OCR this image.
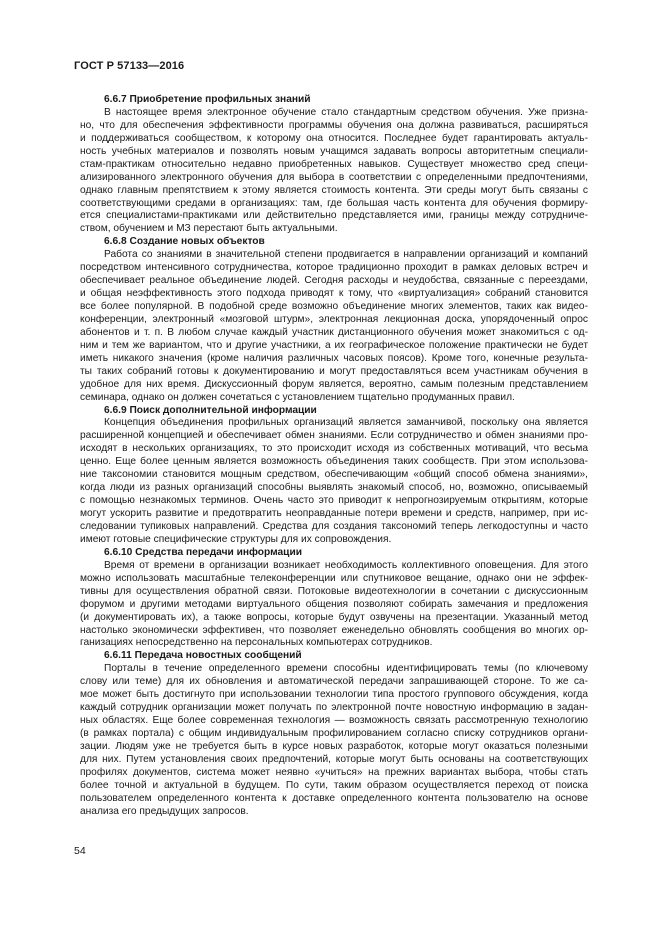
ГОСТ Р 57133—2016
6.6.7 Приобретение профильных знаний
В настоящее время электронное обучение стало стандартным средством обучения. Уже призна-
но, что для обеспечения эффективности программы обучения она должна развиваться, расширяться
и поддерживаться сообществом, к которому она относится. Последнее будет гарантировать актуаль-
ность учебных материалов и позволять новым учащимся задавать вопросы авторитетным специали-
стам-практикам относительно недавно приобретенных навыков. Существует множество сред специ-
ализированного электронного обучения для выбора в соответствии с определенными предпочтениями,
однако главным препятствием к этому является стоимость контента. Эти среды могут быть связаны с
соответствующими средами в организациях: там, где большая часть контента для обучения формиру-
ется специалистами-практиками или действительно представляется ими, границы между сотрудниче-
ством, обучением и МЗ перестают быть актуальными.
6.6.8 Создание новых объектов
Работа со знаниями в значительной степени продвигается в направлении организаций и компаний
посредством интенсивного сотрудничества, которое традиционно проходит в рамках деловых встреч и
обеспечивает реальное объединение людей. Сегодня расходы и неудобства, связанные с переездами,
и общая неэффективность этого подхода приводят к тому, что «виртуализация» собраний становится
все более популярной. В подобной среде возможно объединение многих элементов, таких как видео-
конференции, электронный «мозговой штурм», электронная лекционная доска, упорядоченный опрос
абонентов и т. п. В любом случае каждый участник дистанционного обучения может знакомиться с од-
ним и тем же вариантом, что и другие участники, а их географическое положение практически не будет
иметь никакого значения (кроме наличия различных часовых поясов). Кроме того, конечные результа-
ты таких собраний готовы к документированию и могут предоставляться всем участникам обучения в
удобное для них время. Дискуссионный форум является, вероятно, самым полезным представлением
семинара, однако он должен сочетаться с установлением тщательно продуманных правил.
6.6.9 Поиск дополнительной информации
Концепция объединения профильных организаций является заманчивой, поскольку она является
расширенной концепцией и обеспечивает обмен знаниями. Если сотрудничество и обмен знаниями про-
исходят в нескольких организациях, то это происходит исходя из собственных мотиваций, что весьма
ценно. Еще более ценным является возможность объединения таких сообществ. При этом использова-
ние таксономии становится мощным средством, обеспечивающим «общий способ обмена знаниями»,
когда люди из разных организаций способны выявлять знакомый способ, но, возможно, описываемый
с помощью незнакомых терминов. Очень часто это приводит к непрогнозируемым открытиям, которые
могут ускорить развитие и предотвратить неоправданные потери времени и средств, например, при ис-
следовании тупиковых направлений. Средства для создания таксономий теперь легкодоступны и часто
имеют готовые специфические структуры для их сопровождения.
6.6.10 Средства передачи информации
Время от времени в организации возникает необходимость коллективного оповещения. Для этого
можно использовать масштабные телеконференции или спутниковое вещание, однако они не эффек-
тивны для осуществления обратной связи. Потоковые видеотехнологии в сочетании с дискуссионным
форумом и другими методами виртуального общения позволяют собирать замечания и предложения
(и документировать их), а также вопросы, которые будут озвучены на презентации. Указанный метод
настолько экономически эффективен, что позволяет еженедельно обновлять сообщения во многих ор-
ганизациях непосредственно на персональных компьютерах сотрудников.
6.6.11 Передача новостных сообщений
Порталы в течение определенного времени способны идентифицировать темы (по ключевому
слову или теме) для их обновления и автоматической передачи запрашивающей стороне. То же са-
мое может быть достигнуто при использовании технологии типа простого группового обсуждения, когда
каждый сотрудник организации может получать по электронной почте новостную информацию в задан-
ных областях. Еще более современная технология — возможность связать рассмотренную технологию
(в рамках портала) с общим индивидуальным профилированием согласно списку сотрудников органи-
зации. Людям уже не требуется быть в курсе новых разработок, которые могут оказаться полезными
для них. Путем установления своих предпочтений, которые могут быть основаны на соответствующих
профилях документов, система может неявно «учиться» на прежних вариантах выбора, чтобы стать
более точной и актуальной в будущем. По сути, таким образом осуществляется переход от поиска
пользователем определенного контента к доставке определенного контента пользователю на основе
анализа его предыдущих запросов.
54
